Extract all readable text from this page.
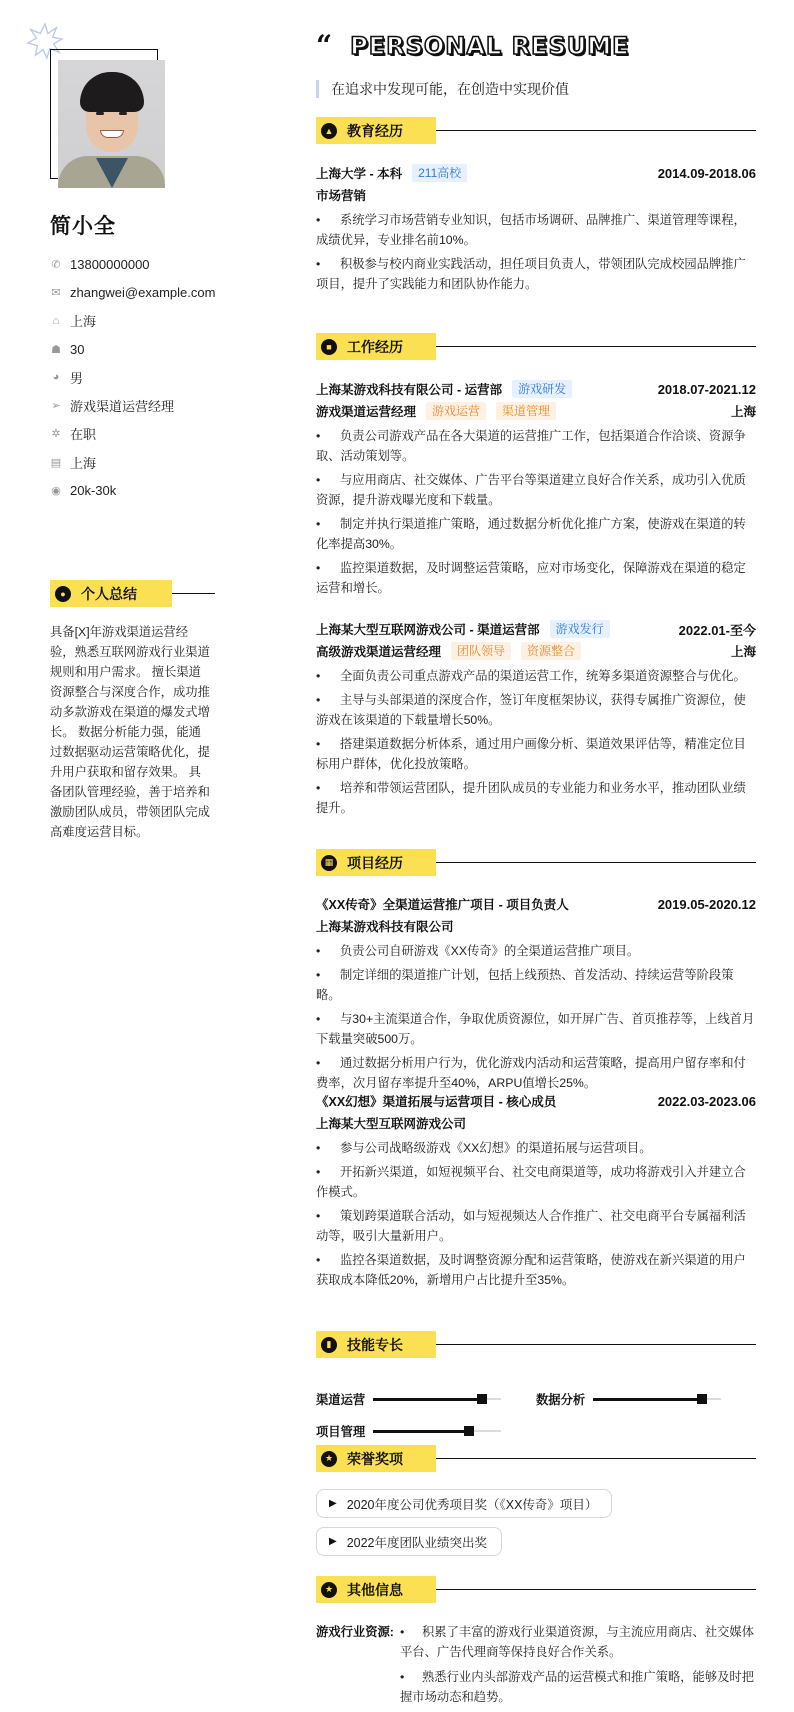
简小全
✆ 13800000000
✉ zhangwei@example.com
⌂ 上海
☗ 30
◕ 男
➢ 游戏渠道运营经理
✲ 在职
▤ 上海
◉ 20k-30k
●	个人总结
具备[X]年游戏渠道运营经验，熟悉互联网游戏行业渠道规则和用户需求。 擅长渠道资源整合与深度合作，成功推动多款游戏在渠道的爆发式增长。 数据分析能力强，能通过数据驱动运营策略优化，提升用户获取和留存效果。 具备团队管理经验，善于培养和激励团队成员，带领团队完成高难度运营目标。
“ PERSONAL RESUME
在追求中发现可能，在创造中实现价值
▲ 教育经历
上海大学 - 本科	211高校	2014.09-2018.06
市场营销
• 系统学习市场营销专业知识，包括市场调研、品牌推广、渠道管理等课程，成绩优异，专业排名前10%。
• 积极参与校内商业实践活动，担任项目负责人，带领团队完成校园品牌推广项目，提升了实践能力和团队协作能力。
■	工作经历
上海某游戏科技有限公司 - 运营部	游戏研发	2018.07-2021.12
游戏渠道运营经理	游戏运营	渠道管理	上海
• 负责公司游戏产品在各大渠道的运营推广工作，包括渠道合作洽谈、资源争取、活动策划等。
• 与应用商店、社交媒体、广告平台等渠道建立良好合作关系，成功引入优质资源，提升游戏曝光度和下载量。
• 制定并执行渠道推广策略，通过数据分析优化推广方案，使游戏在渠道的转化率提高30%。
• 监控渠道数据，及时调整运营策略，应对市场变化，保障游戏在渠道的稳定运营和增长。
上海某大型互联网游戏公司 - 渠道运营部	游戏发行	2022.01-至今
高级游戏渠道运营经理	团队领导	资源整合	上海
• 全面负责公司重点游戏产品的渠道运营工作，统筹多渠道资源整合与优化。
• 主导与头部渠道的深度合作，签订年度框架协议，获得专属推广资源位，使游戏在该渠道的下载量增长50%。
• 搭建渠道数据分析体系，通过用户画像分析、渠道效果评估等，精准定位目标用户群体，优化投放策略。
• 培养和带领运营团队，提升团队成员的专业能力和业务水平，推动团队业绩提升。
▦ 项目经历
《XX传奇》全渠道运营推广项目 - 项目负责人	2019.05-2020.12
上海某游戏科技有限公司
• 负责公司自研游戏《XX传奇》的全渠道运营推广项目。
• 制定详细的渠道推广计划，包括上线预热、首发活动、持续运营等阶段策略。
• 与30+主流渠道合作，争取优质资源位，如开屏广告、首页推荐等，上线首月下载量突破500万。
• 通过数据分析用户行为，优化游戏内活动和运营策略，提高用户留存率和付费率，次月留存率提升至40%，ARPU值增长25%。
《XX幻想》渠道拓展与运营项目 - 核心成员	2022.03-2023.06
上海某大型互联网游戏公司
• 参与公司战略级游戏《XX幻想》的渠道拓展与运营项目。
• 开拓新兴渠道，如短视频平台、社交电商渠道等，成功将游戏引入并建立合作模式。
• 策划跨渠道联合活动，如与短视频达人合作推广、社交电商平台专属福利活动等，吸引大量新用户。
• 监控各渠道数据，及时调整资源分配和运营策略，使游戏在新兴渠道的用户获取成本降低20%，新增用户占比提升至35%。
▮	技能专长
渠道运营	数据分析
项目管理
★ 荣誉奖项
▶ 2020年度公司优秀项目奖（《XX传奇》项目）
▶ 2022年度团队业绩突出奖
★ 其他信息
游戏行业资源: • 积累了丰富的游戏行业渠道资源，与主流应用商店、社交媒体平台、广告代理商等保持良好合作关系。
• 熟悉行业内头部游戏产品的运营模式和推广策略，能够及时把握市场动态和趋势。
